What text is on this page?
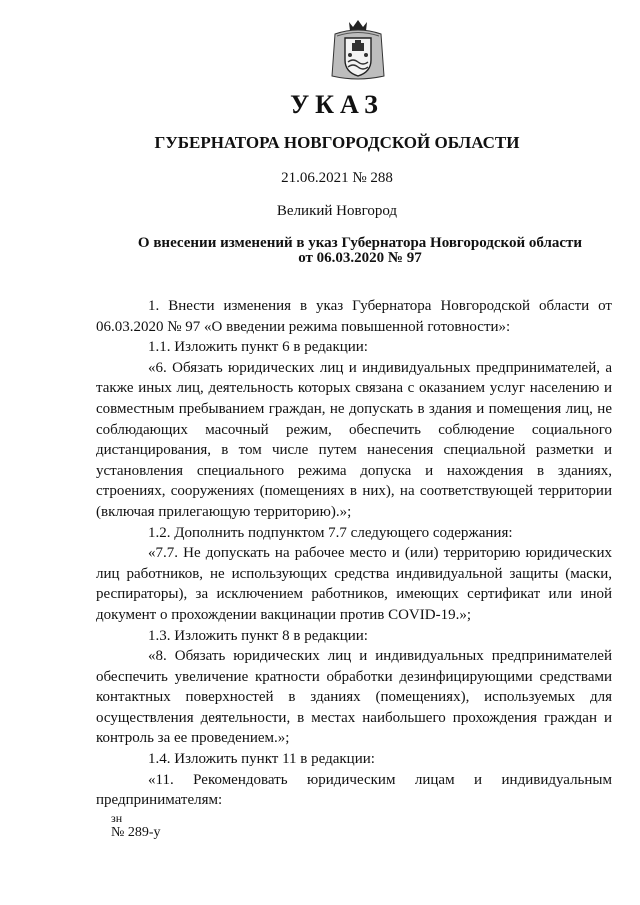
УКАЗ
ГУБЕРНАТОРА НОВГОРОДСКОЙ ОБЛАСТИ
21.06.2021 № 288
Великий Новгород
О внесении изменений в указ Губернатора Новгородской области
от 06.03.2020 № 97

1. Внести изменения в указ Губернатора Новгородской области от 06.03.2020 № 97 «О введении режима повышенной готовности»:

1.1. Изложить пункт 6 в редакции:

«6. Обязать юридических лиц и индивидуальных предпринимателей, а также иных лиц, деятельность которых связана с оказанием услуг населению и совместным пребыванием граждан, не допускать в здания и помещения лиц, не соблюдающих масочный режим, обеспечить соблюдение социального дистанцирования, в том числе путем нанесения специальной разметки и установления специального режима допуска и нахождения в зданиях, строениях, сооружениях (помещениях в них), на соответствующей территории (включая прилегающую территорию).»;

1.2. Дополнить подпунктом 7.7 следующего содержания:

«7.7. Не допускать на рабочее место и (или) территорию юридических лиц работников, не использующих средства индивидуальной защиты (маски, респираторы), за исключением работников, имеющих сертификат или иной документ о прохождении вакцинации против COVID-19.»;

1.3. Изложить пункт 8 в редакции:

«8. Обязать юридических лиц и индивидуальных предпринимателей обеспечить увеличение кратности обработки дезинфицирующими средствами контактных поверхностей в зданиях (помещениях), используемых для осуществления деятельности, в местах наибольшего прохождения граждан и контроль за ее проведением.»;

1.4. Изложить пункт 11 в редакции:

«11. Рекомендовать юридическим лицам и индивидуальным предпринимателям:

зн
№ 289-у
